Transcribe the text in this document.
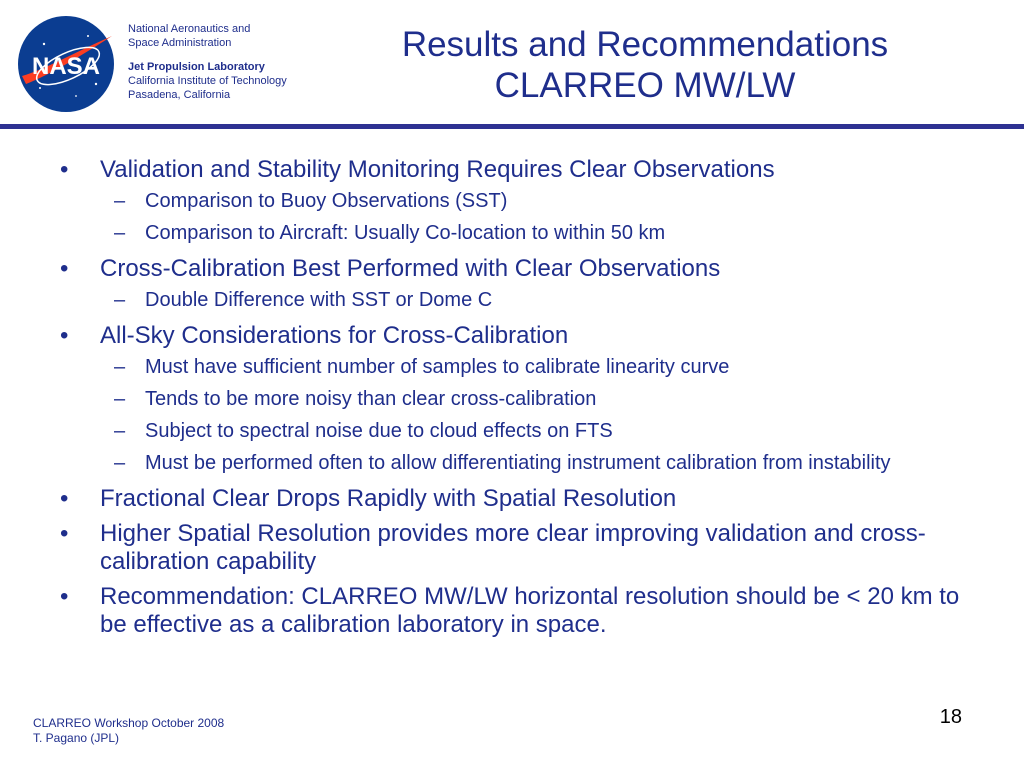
NASA
National Aeronautics and
Space Administration
Jet Propulsion Laboratory
California Institute of Technology
Pasadena, California
Results and Recommendations
CLARREO MW/LW
• Validation and Stability Monitoring Requires Clear Observations
– Comparison to Buoy Observations (SST)
– Comparison to Aircraft: Usually Co-location to within 50 km
• Cross-Calibration Best Performed with Clear Observations
– Double Difference with SST or Dome C
• All-Sky Considerations for Cross-Calibration
– Must have sufficient number of samples to calibrate linearity curve
– Tends to be more noisy than clear cross-calibration
– Subject to spectral noise due to cloud effects on FTS
– Must be performed often to allow differentiating instrument calibration from instability
• Fractional Clear Drops Rapidly with Spatial Resolution
• Higher Spatial Resolution provides more clear improving validation and cross-calibration capability
• Recommendation: CLARREO MW/LW horizontal resolution should be < 20 km to be effective as a calibration laboratory in space.
CLARREO Workshop October 2008
T. Pagano (JPL)
18
